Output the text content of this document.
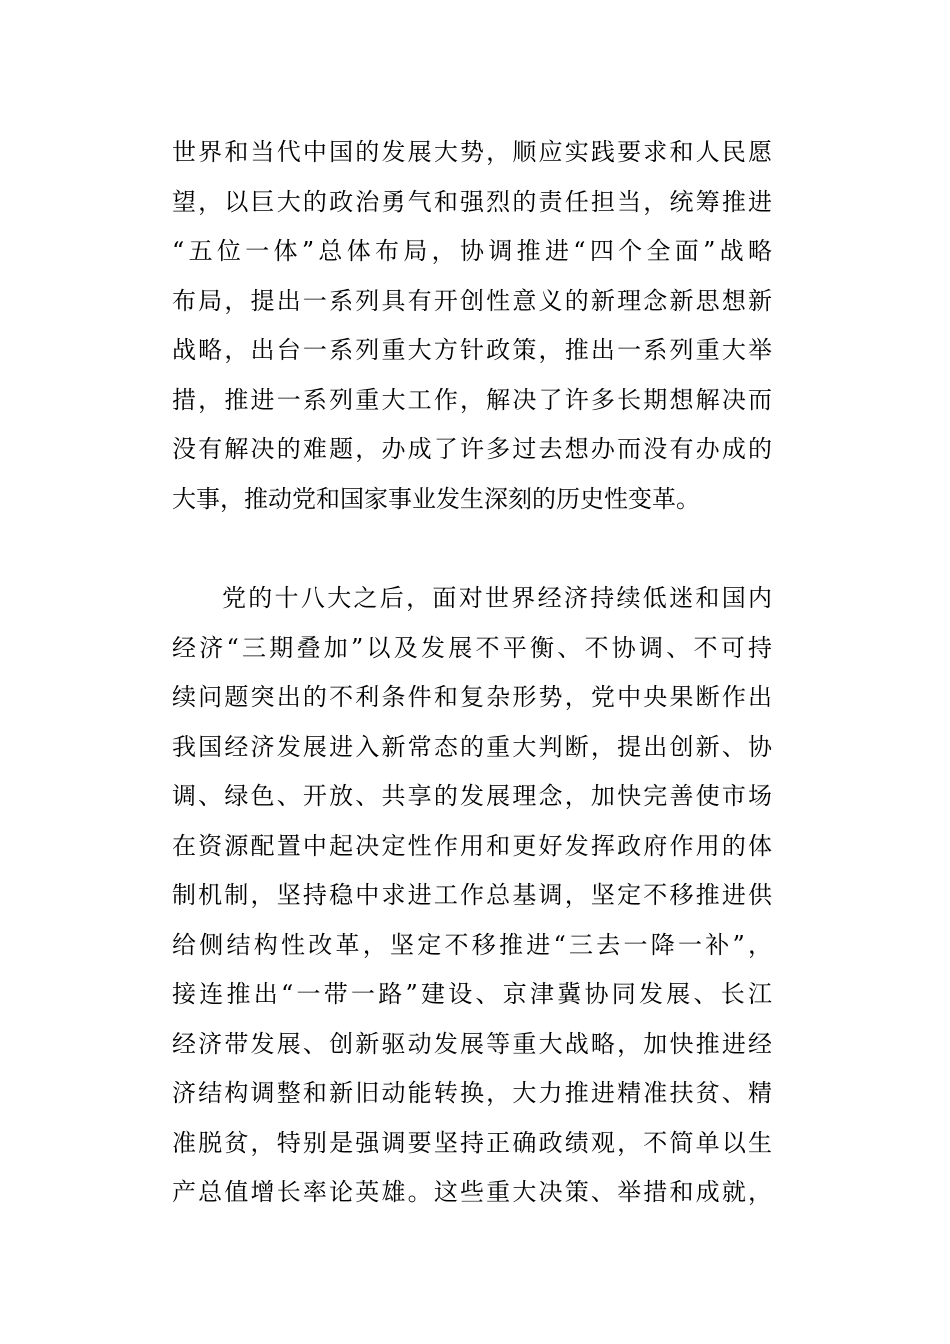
世界和当代中国的发展大势，顺应实践要求和人民愿
望，以巨大的政治勇气和强烈的责任担当，统筹推进
“五位一体”总体布局，协调推进“四个全面”战略
布局，提出一系列具有开创性意义的新理念新思想新
战略，出台一系列重大方针政策，推出一系列重大举
措，推进一系列重大工作，解决了许多长期想解决而
没有解决的难题，办成了许多过去想办而没有办成的
大事，推动党和国家事业发生深刻的历史性变革。
党的十八大之后，面对世界经济持续低迷和国内
经济“三期叠加”以及发展不平衡、不协调、不可持
续问题突出的不利条件和复杂形势，党中央果断作出
我国经济发展进入新常态的重大判断，提出创新、协
调、绿色、开放、共享的发展理念，加快完善使市场
在资源配置中起决定性作用和更好发挥政府作用的体
制机制，坚持稳中求进工作总基调，坚定不移推进供
给侧结构性改革，坚定不移推进“三去一降一补”，
接连推出“一带一路”建设、京津冀协同发展、长江
经济带发展、创新驱动发展等重大战略，加快推进经
济结构调整和新旧动能转换，大力推进精准扶贫、精
准脱贫，特别是强调要坚持正确政绩观，不简单以生
产总值增长率论英雄。这些重大决策、举措和成就，
